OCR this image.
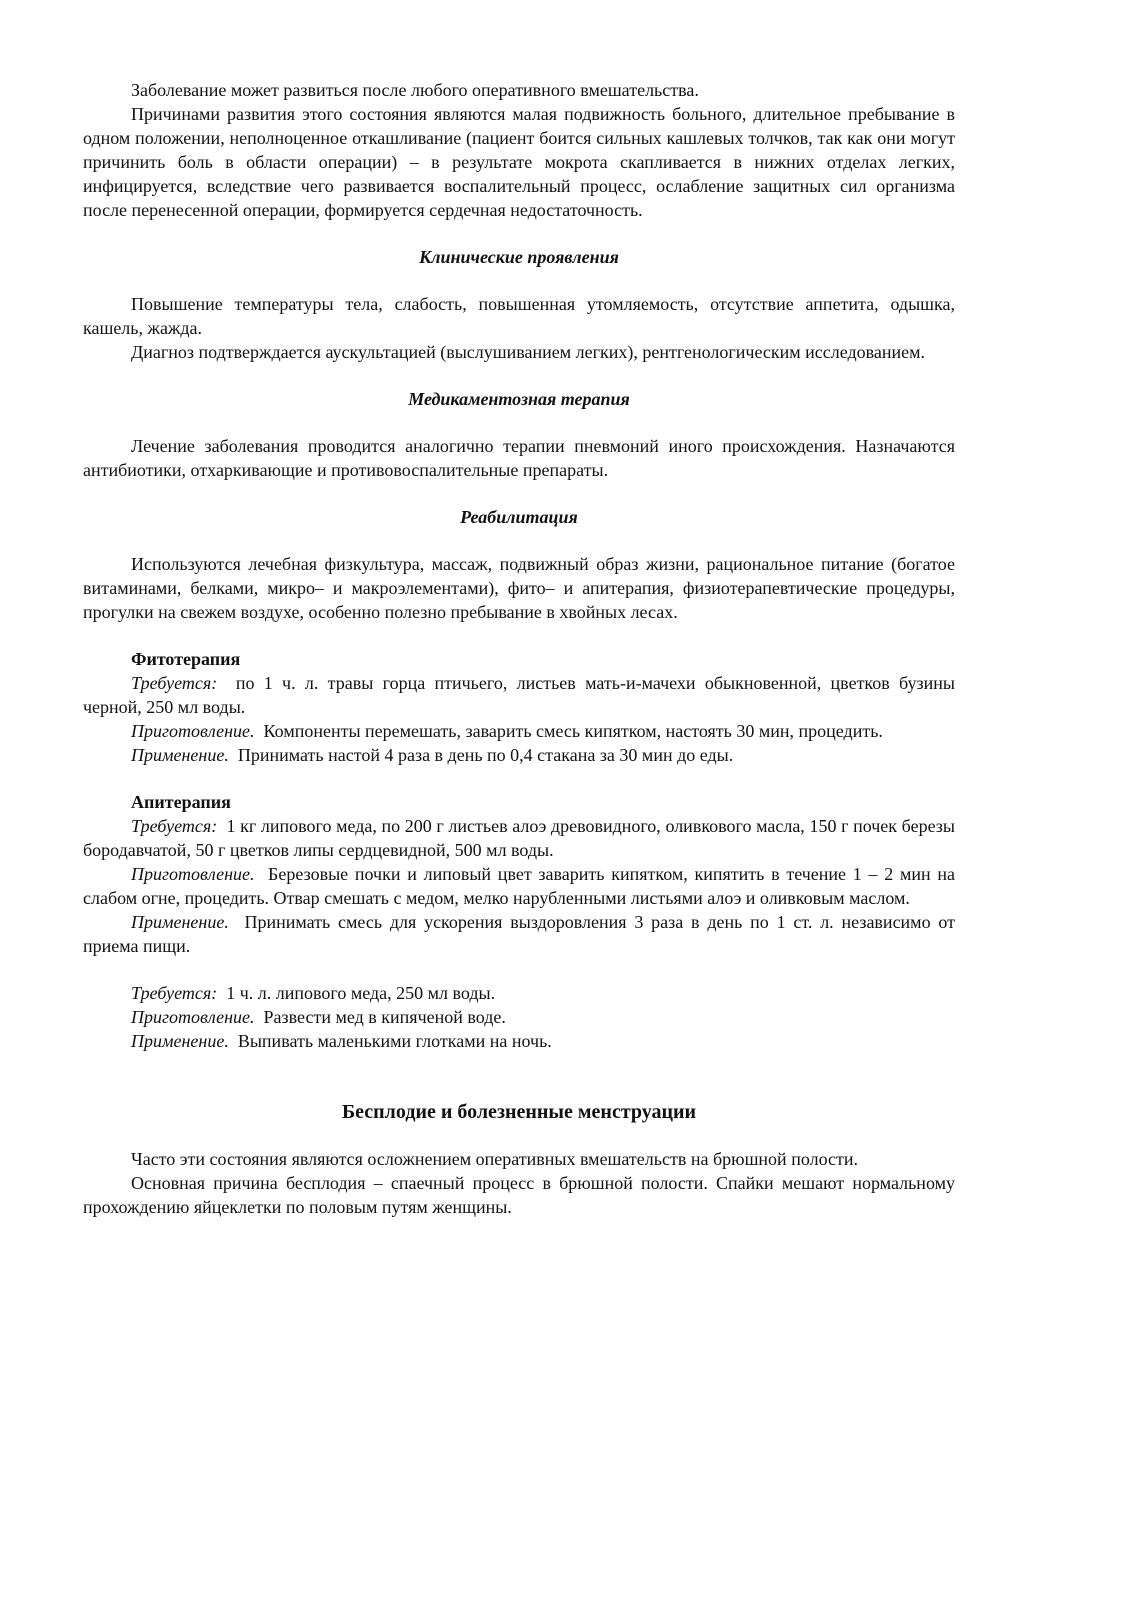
Заболевание может развиться после любого оперативного вмешательства.

Причинами развития этого состояния являются малая подвижность больного, длительное пребывание в одном положении, неполноценное откашливание (пациент боится сильных кашлевых толчков, так как они могут причинить боль в области операции) – в результате мокрота скапливается в нижних отделах легких, инфицируется, вследствие чего развивается воспалительный процесс, ослабление защитных сил организма после перенесенной операции, формируется сердечная недостаточность.

Клинические проявления

Повышение температуры тела, слабость, повышенная утомляемость, отсутствие аппетита, одышка, кашель, жажда.

Диагноз подтверждается аускультацией (выслушиванием легких), рентгенологическим исследованием.

Медикаментозная терапия

Лечение заболевания проводится аналогично терапии пневмоний иного происхождения. Назначаются антибиотики, отхаркивающие и противовоспалительные препараты.

Реабилитация

Используются лечебная физкультура, массаж, подвижный образ жизни, рациональное питание (богатое витаминами, белками, микро– и макроэлементами), фито– и апитерапия, физиотерапевтические процедуры, прогулки на свежем воздухе, особенно полезно пребывание в хвойных лесах.

Фитотерапия

Требуется: по 1 ч. л. травы горца птичьего, листьев мать-и-мачехи обыкновенной, цветков бузины черной, 250 мл воды.

Приготовление. Компоненты перемешать, заварить смесь кипятком, настоять 30 мин, процедить.

Применение. Принимать настой 4 раза в день по 0,4 стакана за 30 мин до еды.

Апитерапия

Требуется: 1 кг липового меда, по 200 г листьев алоэ древовидного, оливкового масла, 150 г почек березы бородавчатой, 50 г цветков липы сердцевидной, 500 мл воды.

Приготовление. Березовые почки и липовый цвет заварить кипятком, кипятить в течение 1 – 2 мин на слабом огне, процедить. Отвар смешать с медом, мелко нарубленными листьями алоэ и оливковым маслом.

Применение. Принимать смесь для ускорения выздоровления 3 раза в день по 1 ст. л. независимо от приема пищи.

Требуется: 1 ч. л. липового меда, 250 мл воды.

Приготовление. Развести мед в кипяченой воде.

Применение. Выпивать маленькими глотками на ночь.

Бесплодие и болезненные менструации

Часто эти состояния являются осложнением оперативных вмешательств на брюшной полости.

Основная причина бесплодия – спаечный процесс в брюшной полости. Спайки мешают нормальному прохождению яйцеклетки по половым путям женщины.
